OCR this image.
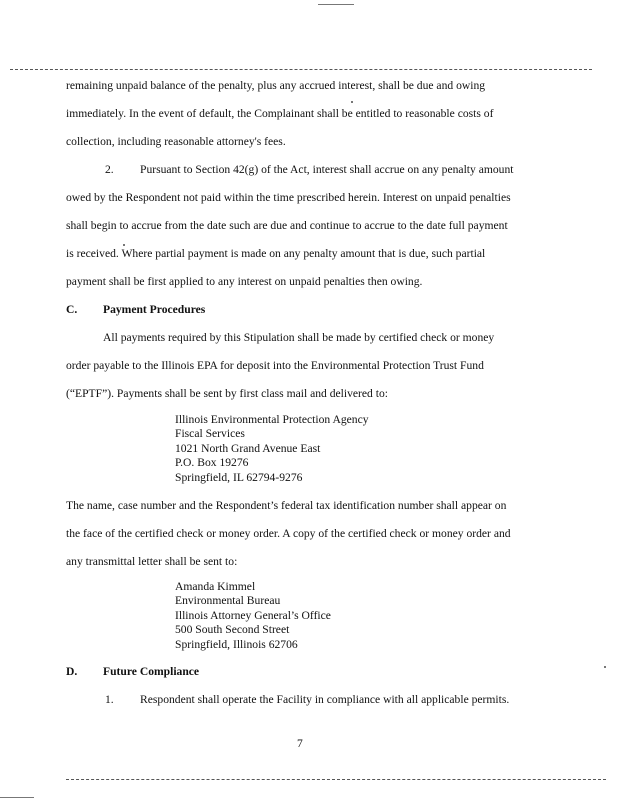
remaining unpaid balance of the penalty, plus any accrued interest, shall be due and owing
immediately. In the event of default, the Complainant shall be entitled to reasonable costs of
collection, including reasonable attorney's fees.
2. Pursuant to Section 42(g) of the Act, interest shall accrue on any penalty amount
owed by the Respondent not paid within the time prescribed herein. Interest on unpaid penalties
shall begin to accrue from the date such are due and continue to accrue to the date full payment
is received. Where partial payment is made on any penalty amount that is due, such partial
payment shall be first applied to any interest on unpaid penalties then owing.
C. Payment Procedures
All payments required by this Stipulation shall be made by certified check or money
order payable to the Illinois EPA for deposit into the Environmental Protection Trust Fund
(“EPTF”). Payments shall be sent by first class mail and delivered to:
Illinois Environmental Protection Agency
Fiscal Services
1021 North Grand Avenue East
P.O. Box 19276
Springfield, IL 62794-9276
The name, case number and the Respondent’s federal tax identification number shall appear on
the face of the certified check or money order. A copy of the certified check or money order and
any transmittal letter shall be sent to:
Amanda Kimmel
Environmental Bureau
Illinois Attorney General’s Office
500 South Second Street
Springfield, Illinois 62706
D. Future Compliance
1. Respondent shall operate the Facility in compliance with all applicable permits.
7
